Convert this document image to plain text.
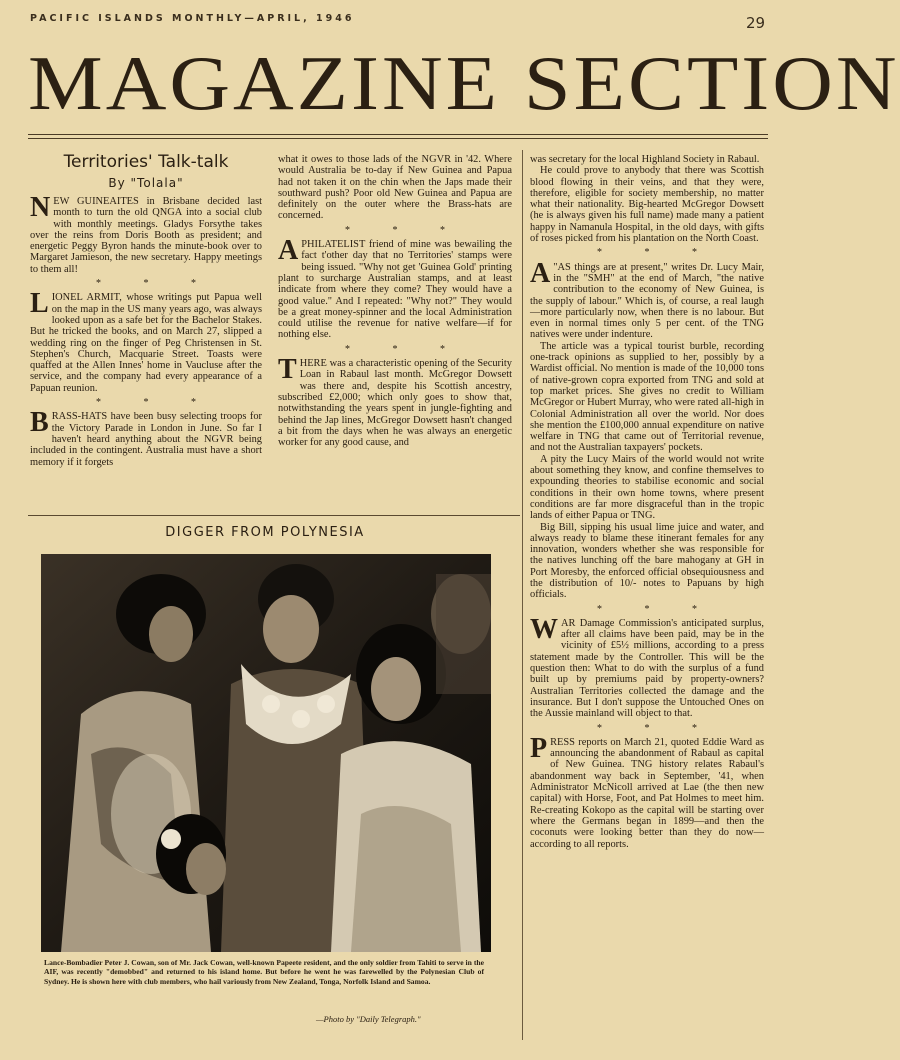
PACIFIC ISLANDS MONTHLY—APRIL, 1946	29
MAGAZINE SECTION
Territories' Talk-talk
By "Tolala"

NEW GUINEAITES in Brisbane decided last month to turn the old QNGA into a social club with monthly meetings. Gladys Forsythe takes over the reins from Doris Booth as president; and energetic Peggy Byron hands the minute-book over to Margaret Jamieson, the new secretary. Happy meetings to them all!

* * *

LIONEL ARMIT, whose writings put Papua well on the map in the US many years ago, was always looked upon as a safe bet for the Bachelor Stakes. But he tricked the books, and on March 27, slipped a wedding ring on the finger of Peg Christensen in St. Stephen's Church, Macquarie Street. Toasts were quaffed at the Allen Innes' home in Vaucluse after the service, and the company had every appearance of a Papuan reunion.

* * *

BRASS-HATS have been busy selecting troops for the Victory Parade in London in June. So far I haven't heard anything about the NGVR being included in the contingent. Australia must have a short memory if it forgets

what it owes to those lads of the NGVR in '42. Where would Australia be to-day if New Guinea and Papua had not taken it on the chin when the Japs made their southward push? Poor old New Guinea and Papua are definitely on the outer where the Brass-hats are concerned.

* * *

APHILATELIST friend of mine was bewailing the fact t'other day that no Territories' stamps were being issued. "Why not get 'Guinea Gold' printing plant to surcharge Australian stamps, and at least indicate from where they come? They would have a good value." And I repeated: "Why not?" They would be a great money-spinner and the local Administration could utilise the revenue for native welfare—if for nothing else.

* * *

THERE was a characteristic opening of the Security Loan in Rabaul last month. McGregor Dowsett was there and, despite his Scottish ancestry, subscribed £2,000; which only goes to show that, notwithstanding the years spent in jungle-fighting and behind the Jap lines, McGregor Dowsett hasn't changed a bit from the days when he was always an energetic worker for any good cause, and

was secretary for the local Highland Society in Rabaul.

He could prove to anybody that there was Scottish blood flowing in their veins, and that they were, therefore, eligible for society membership, no matter what their nationality. Big-hearted McGregor Dowsett (he is always given his full name) made many a patient happy in Namanula Hospital, in the old days, with gifts of roses picked from his plantation on the North Coast.

* * *

A "AS things are at present," writes Dr. Lucy Mair, in the "SMH" at the end of March, "the native contribution to the economy of New Guinea, is the supply of labour." Which is, of course, a real laugh—more particularly now, when there is no labour. But even in normal times only 5 per cent. of the TNG natives were under indenture.

The article was a typical tourist burble, recording one-track opinions as supplied to her, possibly by a Wardist official. No mention is made of the 10,000 tons of native-grown copra exported from TNG and sold at top market prices. She gives no credit to William McGregor or Hubert Murray, who were rated all-high in Colonial Administration all over the world. Nor does she mention the £100,000 annual expenditure on native welfare in TNG that came out of Territorial revenue, and not the Australian taxpayers' pockets.

A pity the Lucy Mairs of the world would not write about something they know, and confine themselves to expounding theories to stabilise economic and social conditions in their own home towns, where present conditions are far more disgraceful than in the tropic lands of either Papua or TNG.

Big Bill, sipping his usual lime juice and water, and always ready to blame these itinerant females for any innovation, wonders whether she was responsible for the natives lunching off the bare mahogany at GH in Port Moresby, the enforced official obsequiousness and the distribution of 10/- notes to Papuans by high officials.

* * *

WAR Damage Commission's anticipated surplus, after all claims have been paid, may be in the vicinity of £5½ millions, according to a press statement made by the Controller. This will be the question then: What to do with the surplus of a fund built up by premiums paid by property-owners? Australian Territories collected the damage and the insurance. But I don't suppose the Untouched Ones on the Aussie mainland will object to that.

* * *

PRESS reports on March 21, quoted Eddie Ward as announcing the abandonment of Rabaul as capital of New Guinea. TNG history relates Rabaul's abandonment way back in September, '41, when Administrator McNicoll arrived at Lae (the then new capital) with Horse, Foot, and Pat Holmes to meet him. Re-creating Kokopo as the capital will be starting over where the Germans began in 1899—and then the coconuts were looking better than they do now—according to all reports.

DIGGER FROM POLYNESIA
Lance-Bombadier Peter J. Cowan, son of Mr. Jack Cowan, well-known Papeete resident, and the only soldier from Tahiti to serve in the AIF, was recently "demobbed" and returned to his island home. But before he went he was farewelled by the Polynesian Club of Sydney. He is shown here with club members, who hail variously from New Zealand, Tonga, Norfolk Island and Samoa.
—Photo by "Daily Telegraph."
